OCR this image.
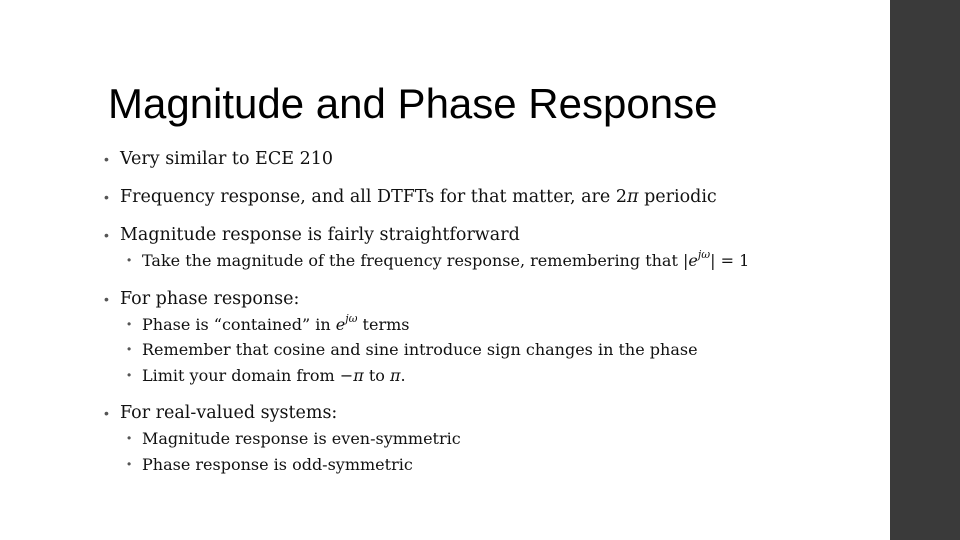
Magnitude and Phase Response
• Very similar to ECE 210
• Frequency response, and all DTFTs for that matter, are 2π periodic
• Magnitude response is fairly straightforward
• Take the magnitude of the frequency response, remembering that $|e^{j\omega}| = 1$
• For phase response:
• Phase is “contained” in $e^{j\omega}$ terms
• Remember that cosine and sine introduce sign changes in the phase
• Limit your domain from −π to π.
• For real-valued systems:
• Magnitude response is even-symmetric
• Phase response is odd-symmetric
